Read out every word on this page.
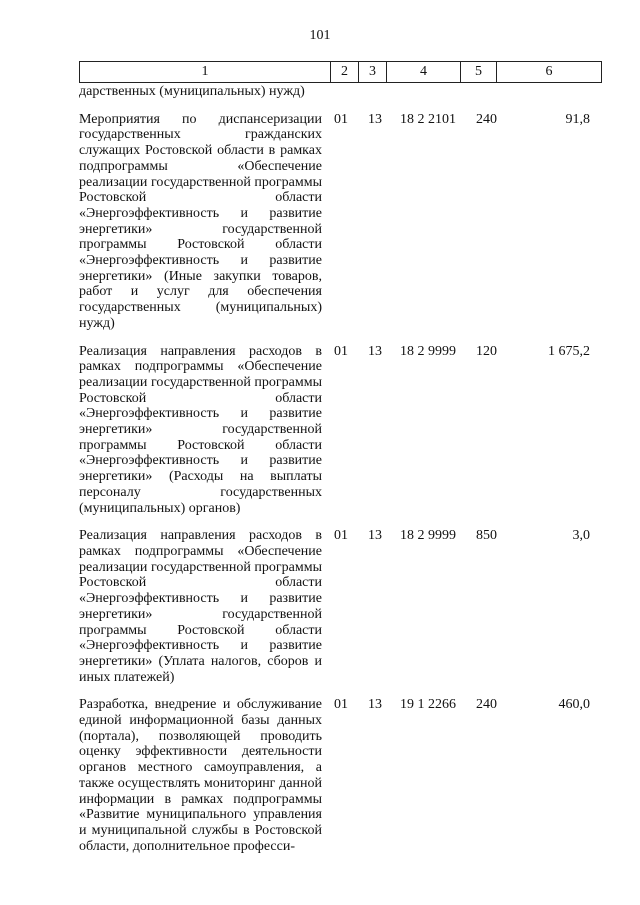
101
1	2	3	4	5	6
дарственных (муниципальных) нужд)
Мероприятия по диспансеризации государственных гражданских служащих Ростовской области в рамках подпрограммы «Обеспечение реализации государственной программы Ростовской области «Энергоэффективность и развитие энергетики» государственной программы Ростовской области «Энергоэффективность и развитие энергетики» (Иные закупки товаров, работ и услуг для обеспечения государственных (муниципальных) нужд)
01	13	18 2 2101	240	91,8
Реализация направления расходов в рамках подпрограммы «Обеспечение реализации государственной программы Ростовской области «Энергоэффективность и развитие энергетики» государственной программы Ростовской области «Энергоэффективность и развитие энергетики» (Расходы на выплаты персоналу государственных (муниципальных) органов)
01	13	18 2 9999	120	1 675,2
Реализация направления расходов в рамках подпрограммы «Обеспечение реализации государственной программы Ростовской области «Энергоэффективность и развитие энергетики» государственной программы Ростовской области «Энергоэффективность и развитие энергетики» (Уплата налогов, сборов и иных платежей)
01	13	18 2 9999	850	3,0
Разработка, внедрение и обслуживание единой информационной базы данных (портала), позволяющей проводить оценку эффективности деятельности органов местного самоуправления, а также осуществлять мониторинг данной информации в рамках подпрограммы «Развитие муниципального управления и муниципальной службы в Ростовской области, дополнительное професси-
01	13	19 1 2266	240	460,0
